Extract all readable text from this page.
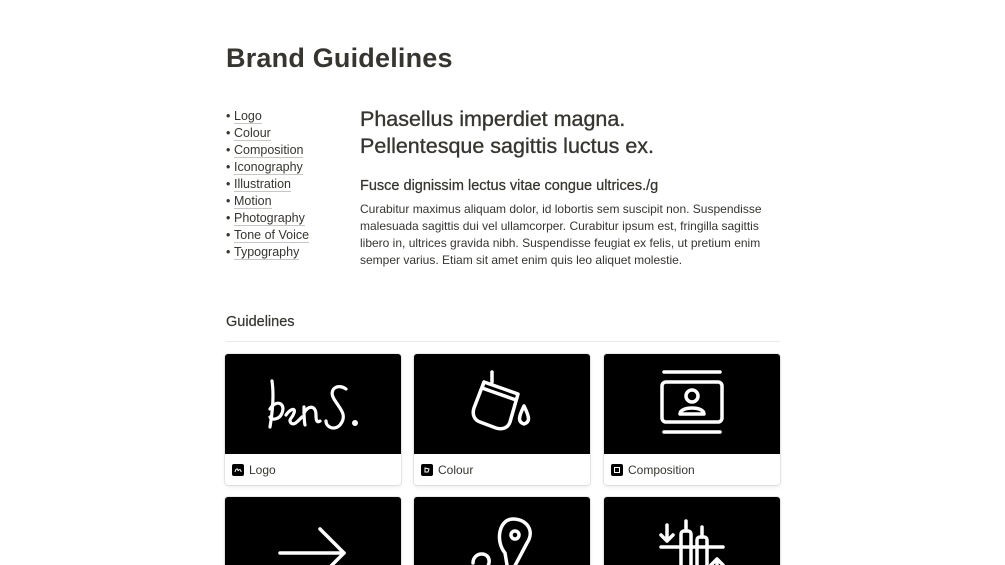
Brand Guidelines
• Logo
• Colour
• Composition
• Iconography
• Illustration
• Motion
• Photography
• Tone of Voice
• Typography
Phasellus imperdiet magna.
Pellentesque sagittis luctus ex.
Fusce dignissim lectus vitae congue ultrices./g

Curabitur maximus aliquam dolor, id lobortis sem suscipit non. Suspendisse malesuada sagittis dui vel ullamcorper. Curabitur ipsum est, fringilla sagittis libero in, ultrices gravida nibh. Suspendisse feugiat ex felis, ut pretium enim semper varius. Etiam sit amet enim quis leo aliquet molestie.

Guidelines
Logo	Colour	Composition
